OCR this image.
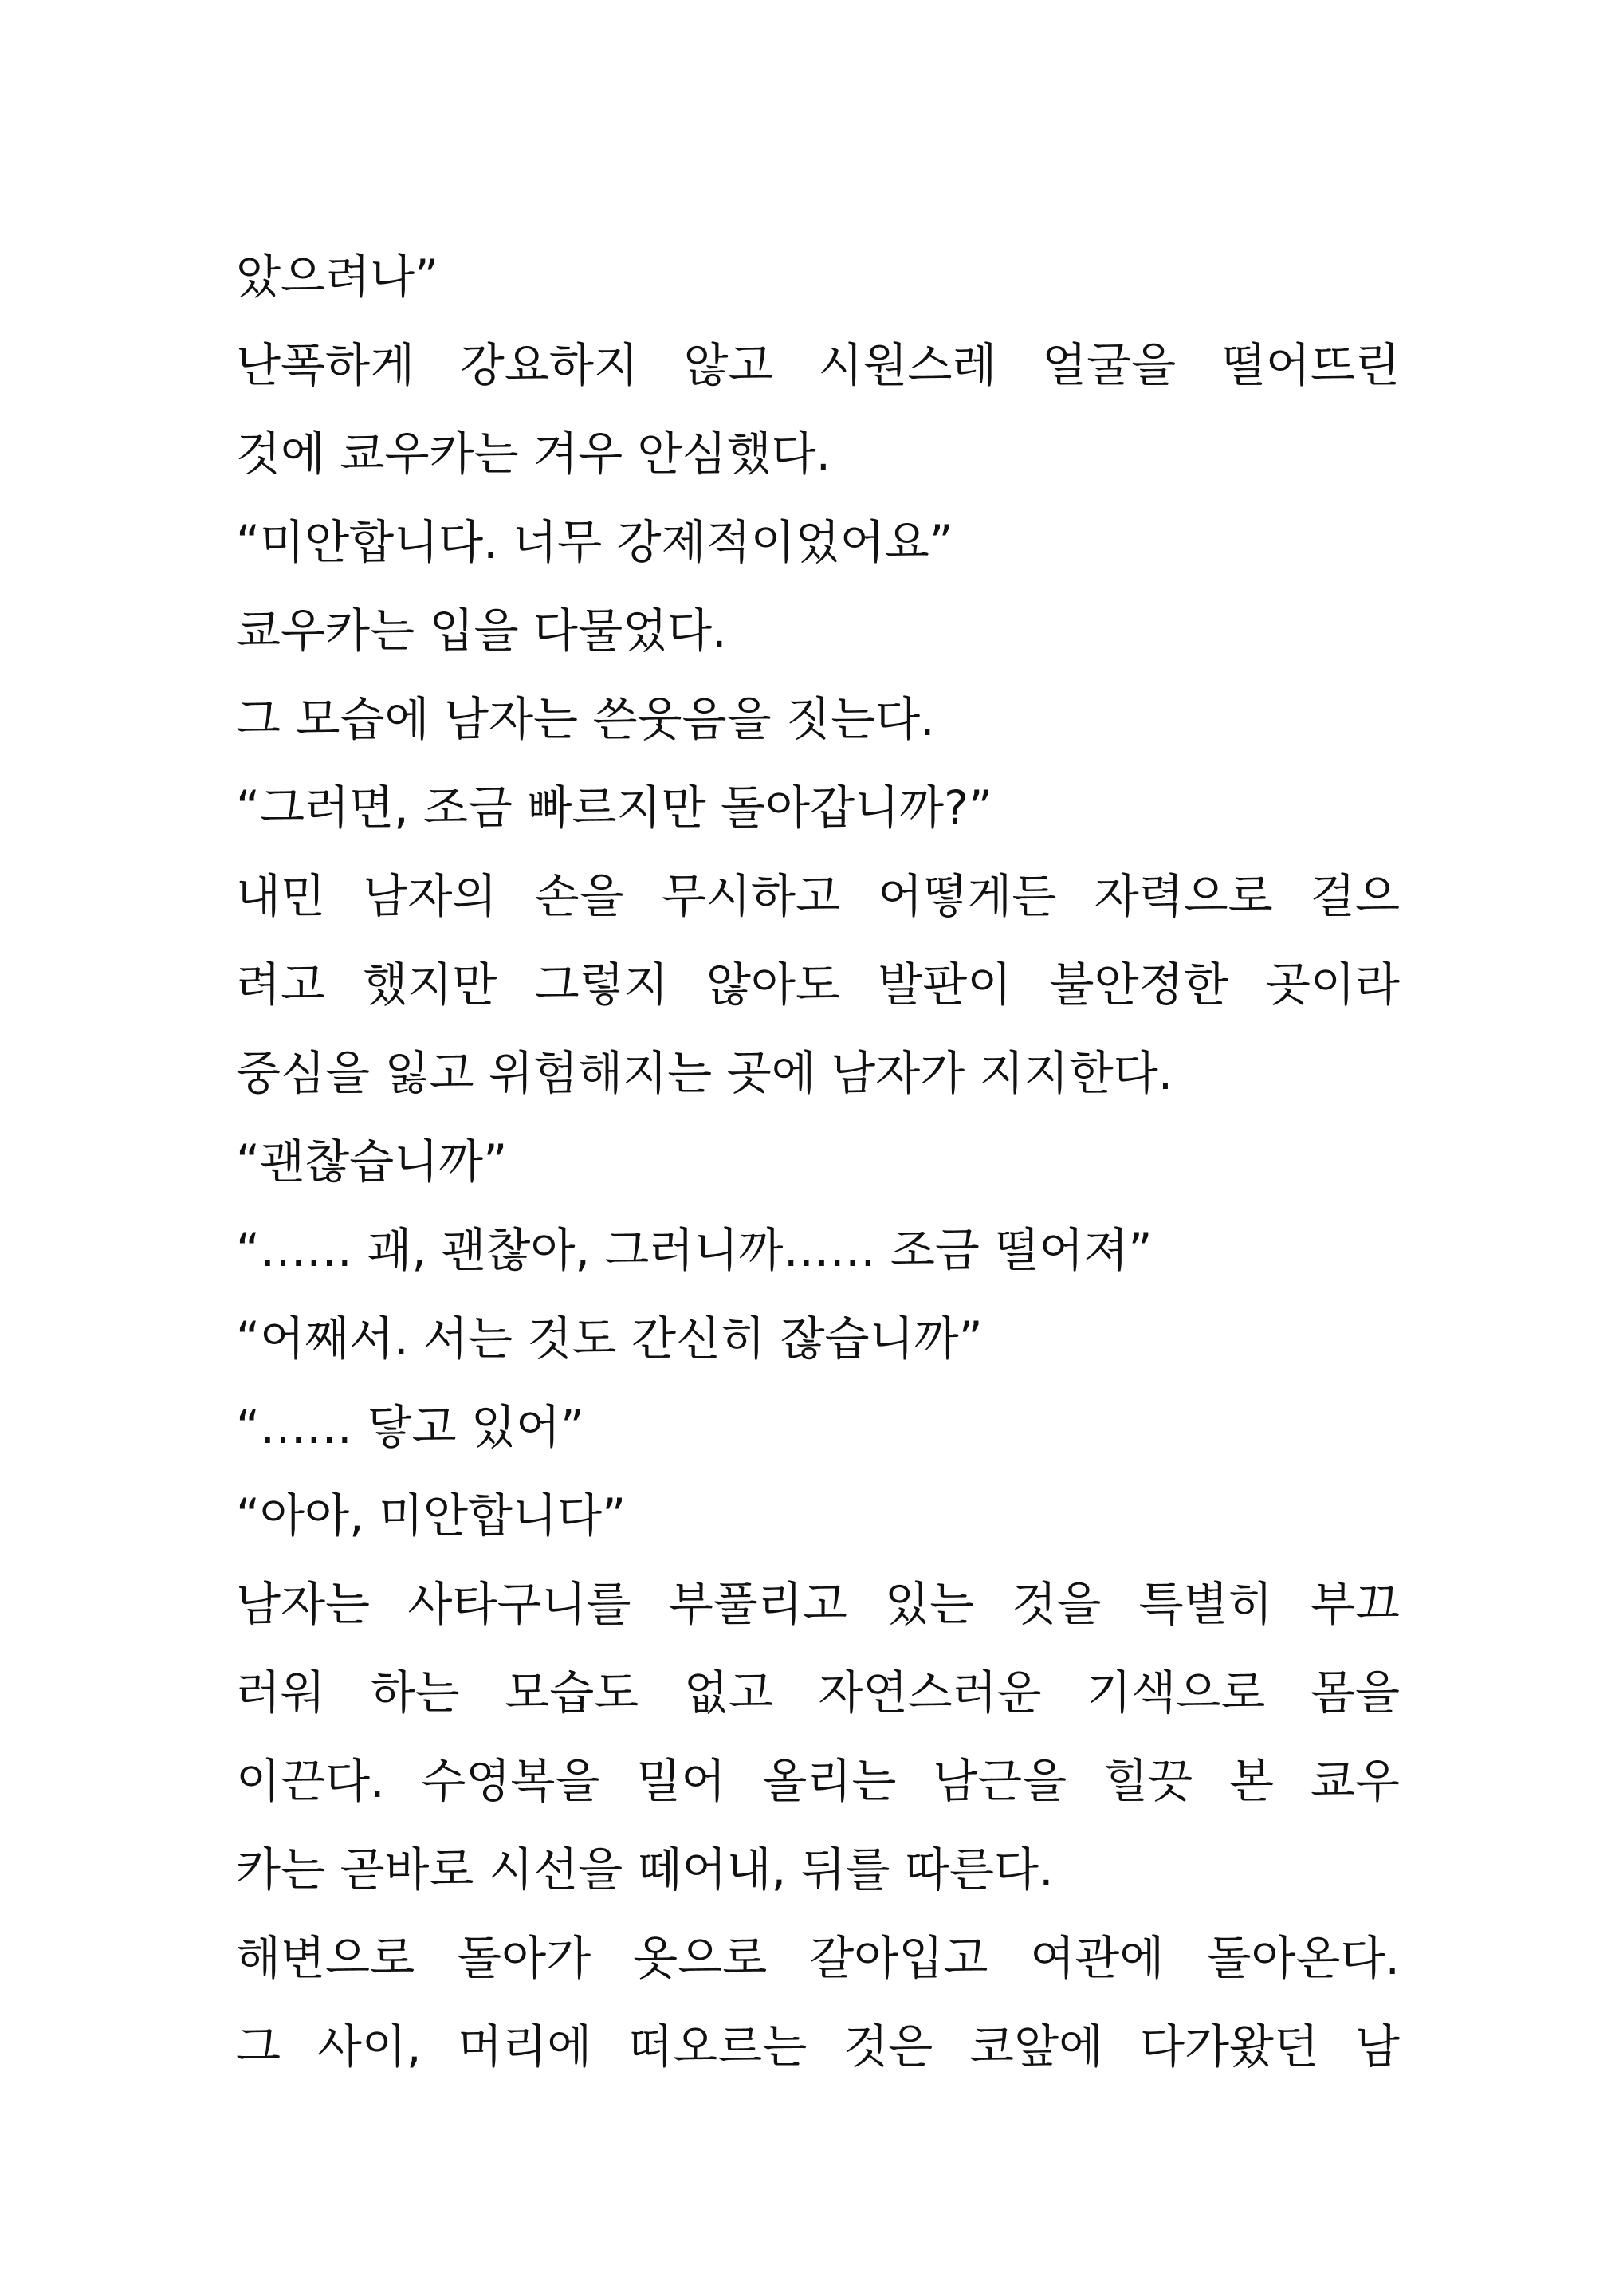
았으려나”
난폭하게 강요하지 않고 시원스레 얼굴을 떨어뜨린
것에 쿄우카는 겨우 안심했다.
“미안합니다. 너무 강제적이었어요”
쿄우카는 입을 다물었다.
그 모습에 남자는 쓴웃음을 짓는다.
“그러면, 조금 빠르지만 돌아갑니까?”
내민 남자의 손을 무시하고 어떻게든 자력으로 걸으
려고 했지만 그렇지 않아도 발판이 불안정한 곳이라
중심을 잃고 위험해지는 곳에 남자가 지지한다.
“괜찮습니까”
“…… 괘, 괜찮아, 그러니까…… 조금 떨어져”
“어째서. 서는 것도 간신히 잖습니까”
“…… 닿고 있어”
“아아, 미안합니다”
남자는 사타구니를 부풀리고 있는 것을 특별히 부끄
러워 하는 모습도 없고 자연스러운 기색으로 몸을
이끈다. 수영복을 밀어 올리는 남근을 힐끗 본 쿄우
카는 곧바로 시선을 떼어내, 뒤를 따른다.
해변으로 돌아가 옷으로 갈아입고 여관에 돌아온다.
그 사이, 머리에 떠오르는 것은 코앞에 다가왔던 남
